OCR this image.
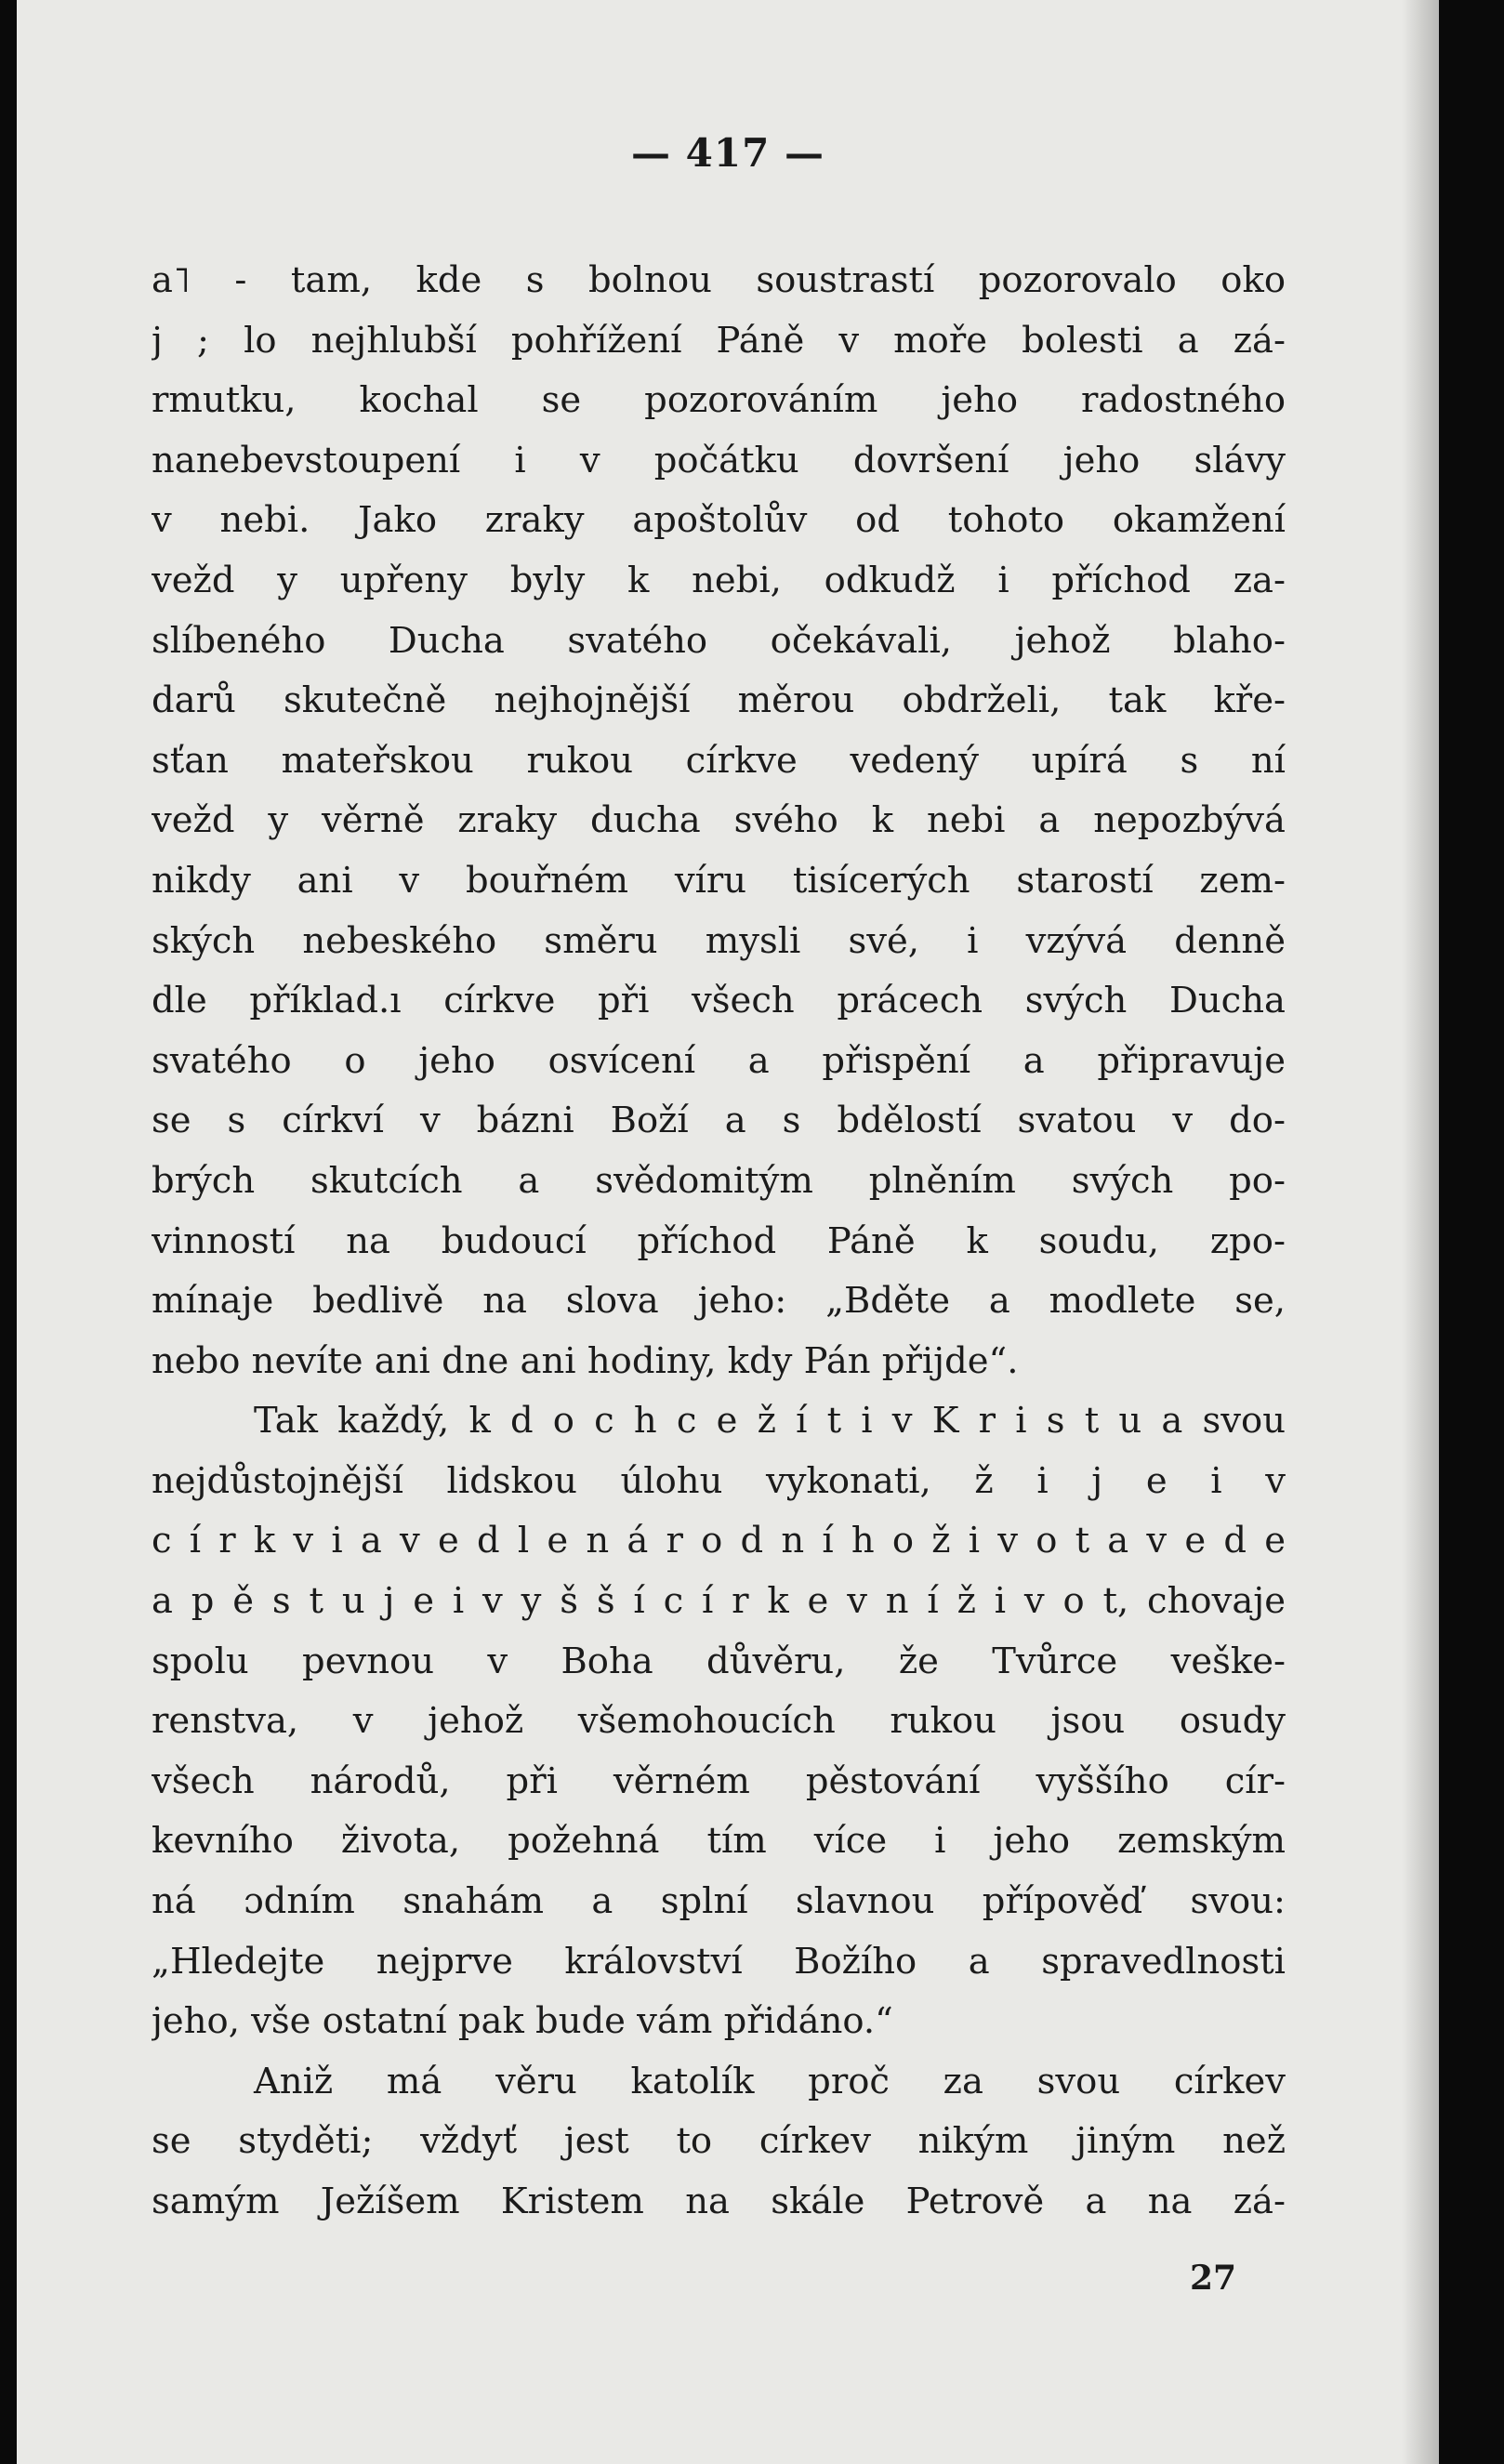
— 417 —
a˥ - tam, kde s bolnou soustrastí pozorovalo oko
j ; lo nejhlubší pohřížení Páně v moře bolesti a zá-
rmutku, kochal se pozorováním jeho radostného
nanebevstoupení i v počátku dovršení jeho slávy
v nebi. Jako zraky apoštolův od tohoto okamžení
vežd y upřeny byly k nebi, odkudž i příchod za-
slíbeného Ducha svatého očekávali, jehož blaho-
darů skutečně nejhojnější měrou obdrželi, tak kře-
sťan mateřskou rukou církve vedený upírá s ní
vežd y věrně zraky ducha svého k nebi a nepozbývá
nikdy ani v bouřném víru tisícerých starostí zem-
ských nebeského směru mysli své, i vzývá denně
dle příklad.ı církve při všech prácech svých Ducha
svatého o jeho osvícení a přispění a připravuje
se s církví v bázni Boží a s bdělostí svatou v do-
brých skutcích a svědomitým plněním svých po-
vinností na budoucí příchod Páně k soudu, zpo-
mínaje bedlivě na slova jeho: „Bděte a modlete se,
nebo nevíte ani dne ani hodiny, kdy Pán přijde“.
Tak každý, k d o c h c e ž í t i v K r i s t u a svou
nejdůstojnější lidskou úlohu vykonati, ž i j e i v
c í r k v i a v e d l e n á r o d n í h o ž i v o t a v e d e
a p ě s t u j e i v y š š í c í r k e v n í ž i v o t, chovaje
spolu pevnou v Boha důvěru, že Tvůrce veške-
renstva, v jehož všemohoucích rukou jsou osudy
všech národů, při věrném pěstování vyššího cír-
kevního života, požehná tím více i jeho zemským
ná ɔdním snahám a splní slavnou přípověď svou:
„Hledejte nejprve království Božího a spravedlnosti
jeho, vše ostatní pak bude vám přidáno.“
Aniž má věru katolík proč za svou církev
se styděti; vždyť jest to církev nikým jiným než
samým Ježíšem Kristem na skále Petrově a na zá-
27
